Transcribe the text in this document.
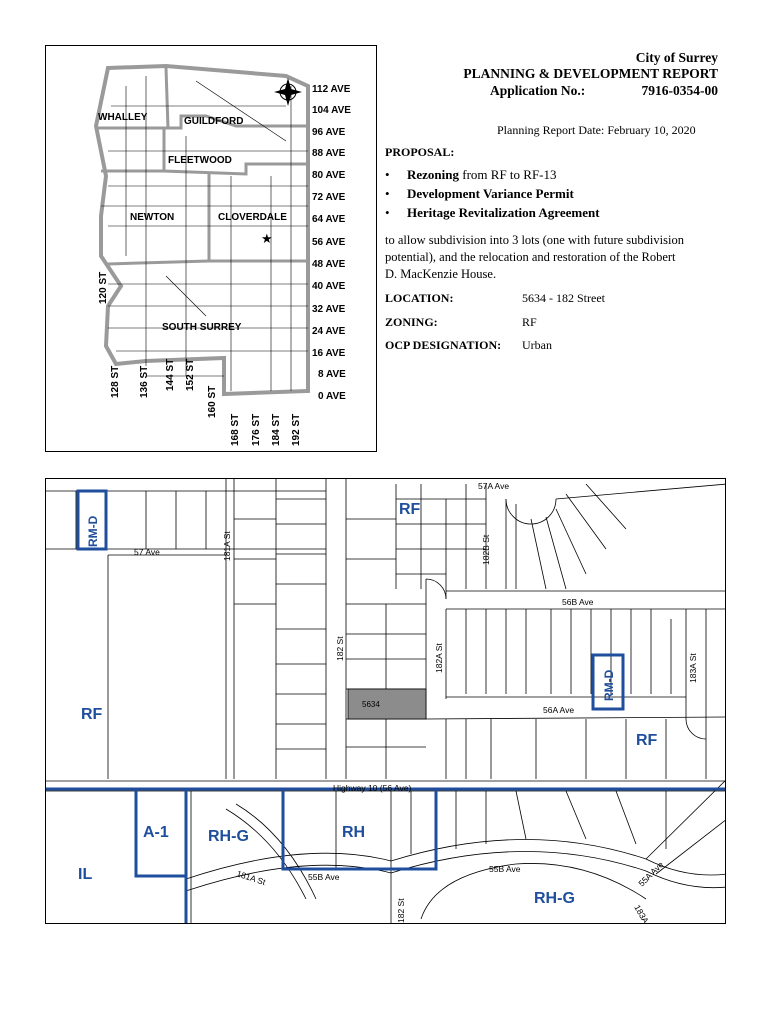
★
112 AVE
104 AVE
96 AVE
88 AVE
80 AVE
72 AVE
64 AVE
56 AVE
48 AVE
40 AVE
32 AVE
24 AVE
16 AVE
8 AVE
0 AVE
WHALLEY	GUILDFORD
FLEETWOOD
NEWTON	CLOVERDALE
SOUTH SURREY
120 ST
128 ST 136 ST 144 ST 152 ST
160 ST
168 ST 176 ST 184 ST 192 ST
City of Surrey
PLANNING & DEVELOPMENT REPORT
Application No.:	7916-0354-00
Planning Report Date: February 10, 2020
PROPOSAL:
• Rezoning from RF to RF-13
• Development Variance Permit
• Heritage Revitalization Agreement
to allow subdivision into 3 lots (one with future subdivision potential), and the relocation and restoration of the Robert D. MacKenzie House.
LOCATION:	5634 - 182 Street
ZONING:	RF
OCP DESIGNATION: Urban
5634
RF
RF
RF
RM-D
RM-D
A-1 RH-G	RH
IL
RH-G
57A Ave
57 Ave	181A St	182B St
56B Ave
182 St	182A St	183A St
56A Ave
Highway 10 (56 Ave)
55B Ave
55B Ave
181A St
182 St
55A Ave
183A
